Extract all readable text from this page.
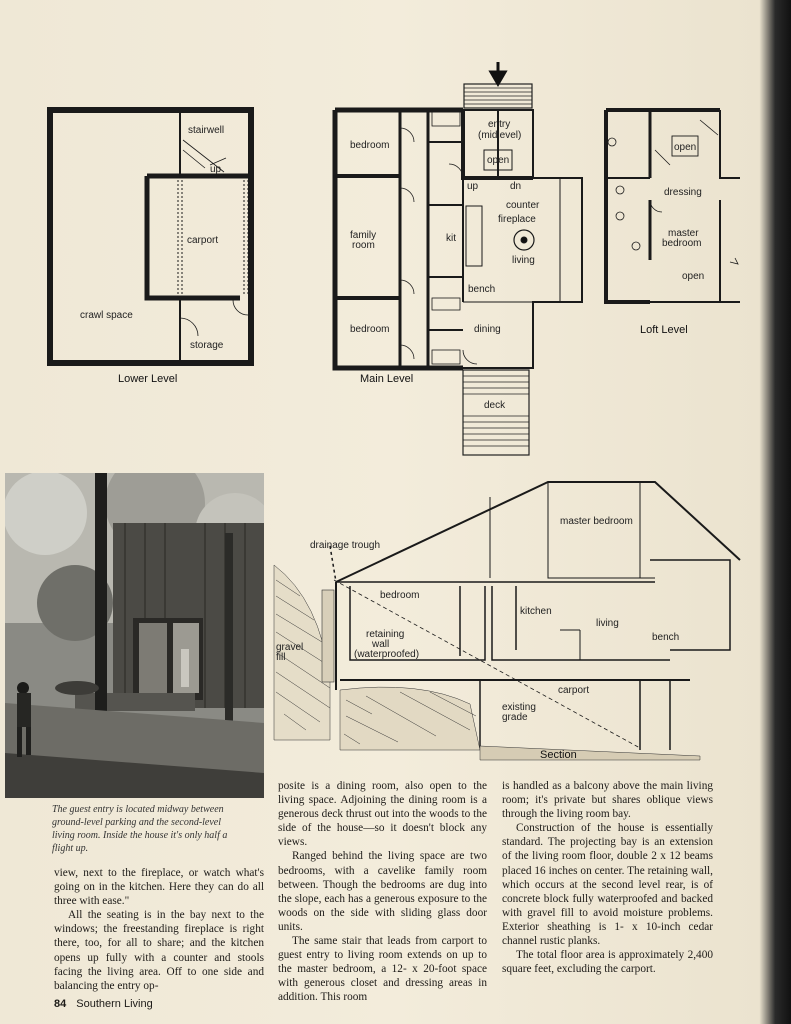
stairwell
up
carport
crawl space
storage
Lower Level
bedroom
entry
(midlevel)
open
up	dn
counter
fireplace
family
room
kit
living
bench
bedroom	dining
deck
Main Level
open
dressing
master
bedroom
open
Loft Level
drainage trough
master bedroom
bedroom
kitchen
living
bench
retaining
wall
(waterproofed)
gravel
fill
carport
existing
grade
Section
The guest entry is located midway between ground-level parking and the second-level living room. Inside the house it's only half a flight up.

view, next to the fireplace, or watch what's going on in the kitchen. Here they can do all three with ease."

All the seating is in the bay next to the windows; the freestanding fireplace is right there, too, for all to share; and the kitchen opens up fully with a counter and stools facing the living area. Off to one side and balancing the entry op-

posite is a dining room, also open to the living space. Adjoining the dining room is a generous deck thrust out into the woods to the side of the house—so it doesn't block any views.

Ranged behind the living space are two bedrooms, with a cavelike family room between. Though the bedrooms are dug into the slope, each has a generous exposure to the woods on the side with sliding glass door units.

The same stair that leads from carport to guest entry to living room extends on up to the master bedroom, a 12- x 20-foot space with generous closet and dressing areas in addition. This room

is handled as a balcony above the main living room; it's private but shares oblique views through the living room bay.

Construction of the house is essentially standard. The projecting bay is an extension of the living room floor, double 2 x 12 beams placed 16 inches on center. The retaining wall, which occurs at the second level rear, is of concrete block fully waterproofed and backed with gravel fill to avoid moisture problems. Exterior sheathing is 1- x 10-inch cedar channel rustic planks.

The total floor area is approximately 2,400 square feet, excluding the carport.

84 Southern Living
